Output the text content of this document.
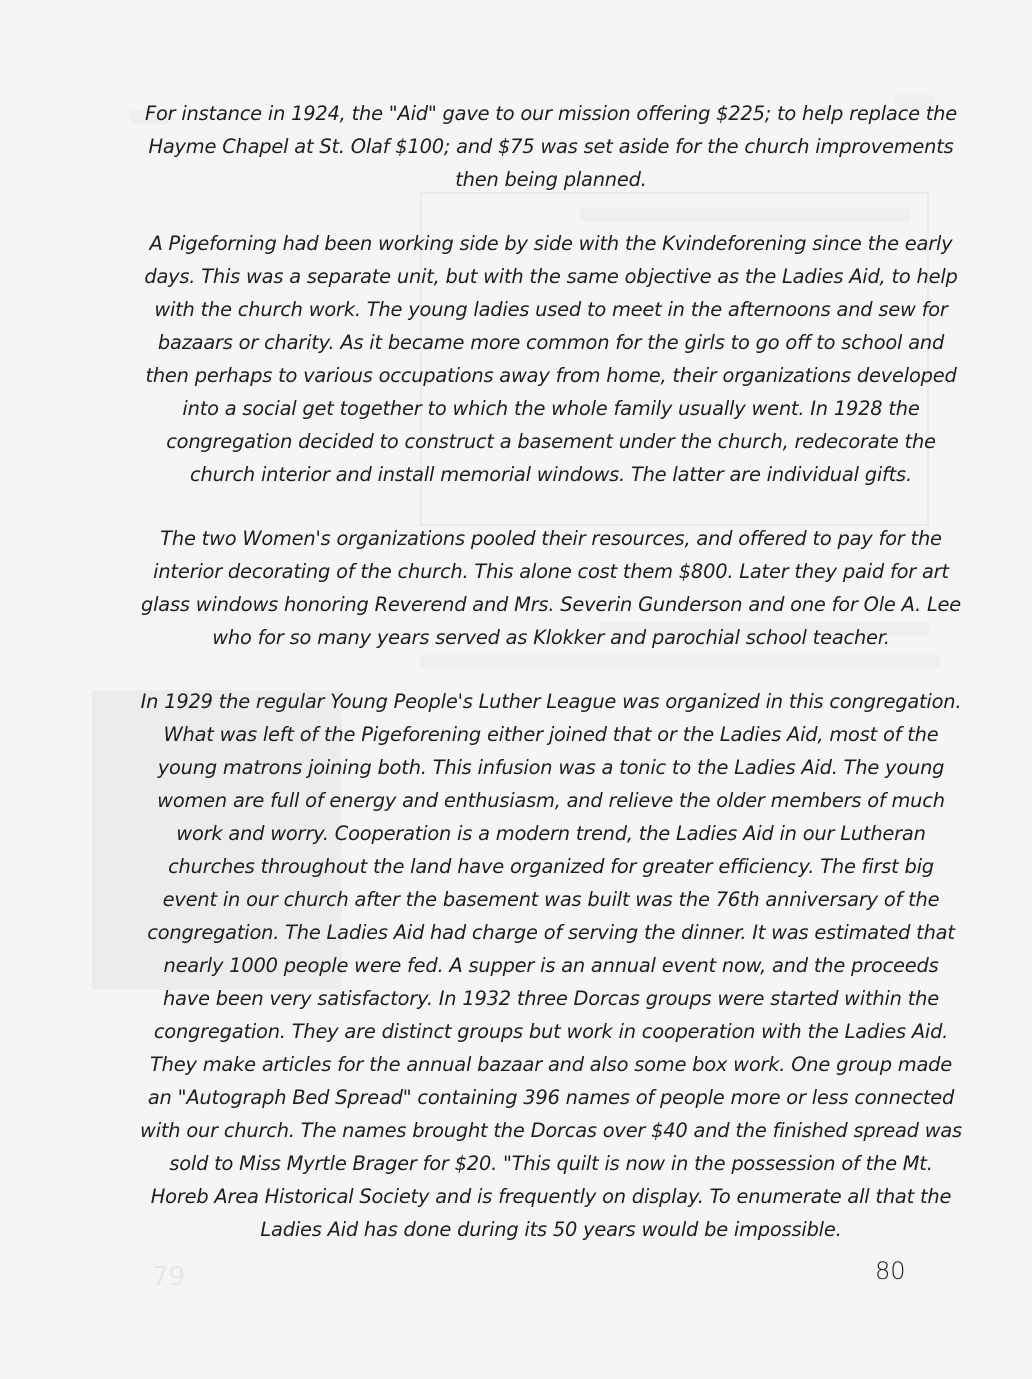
79

For instance in 1924, the "Aid" gave to our mission offering $225; to help replace the Hayme Chapel at St. Olaf $100; and $75 was set aside for the church improvements then being planned.

A Pigeforning had been working side by side with the Kvindeforening since the early days. This was a separate unit, but with the same objective as the Ladies Aid, to help with the church work. The young ladies used to meet in the afternoons and sew for bazaars or charity. As it became more common for the girls to go off to school and then perhaps to various occupations away from home, their organizations developed into a social get together to which the whole family usually went. In 1928 the congregation decided to construct a basement under the church, redecorate the church interior and install memorial windows. The latter are individual gifts.

The two Women's organizations pooled their resources, and offered to pay for the interior decorating of the church. This alone cost them $800. Later they paid for art glass windows honoring Reverend and Mrs. Severin Gunderson and one for Ole A. Lee who for so many years served as Klokker and parochial school teacher.

In 1929 the regular Young People's Luther League was organized in this congregation. What was left of the Pigeforening either joined that or the Ladies Aid, most of the young matrons joining both. This infusion was a tonic to the Ladies Aid. The young women are full of energy and enthusiasm, and relieve the older members of much work and worry. Cooperation is a modern trend, the Ladies Aid in our Lutheran churches throughout the land have organized for greater efficiency. The first big event in our church after the basement was built was the 76th anniversary of the congregation. The Ladies Aid had charge of serving the dinner. It was estimated that nearly 1000 people were fed. A supper is an annual event now, and the proceeds have been very satisfactory. In 1932 three Dorcas groups were started within the congregation. They are distinct groups but work in cooperation with the Ladies Aid. They make articles for the annual bazaar and also some box work. One group made an "Autograph Bed Spread" containing 396 names of people more or less connected with our church. The names brought the Dorcas over $40 and the finished spread was sold to Miss Myrtle Brager for $20. "This quilt is now in the possession of the Mt. Horeb Area Historical Society and is frequently on display. To enumerate all that the Ladies Aid has done during its 50 years would be impossible.

80
